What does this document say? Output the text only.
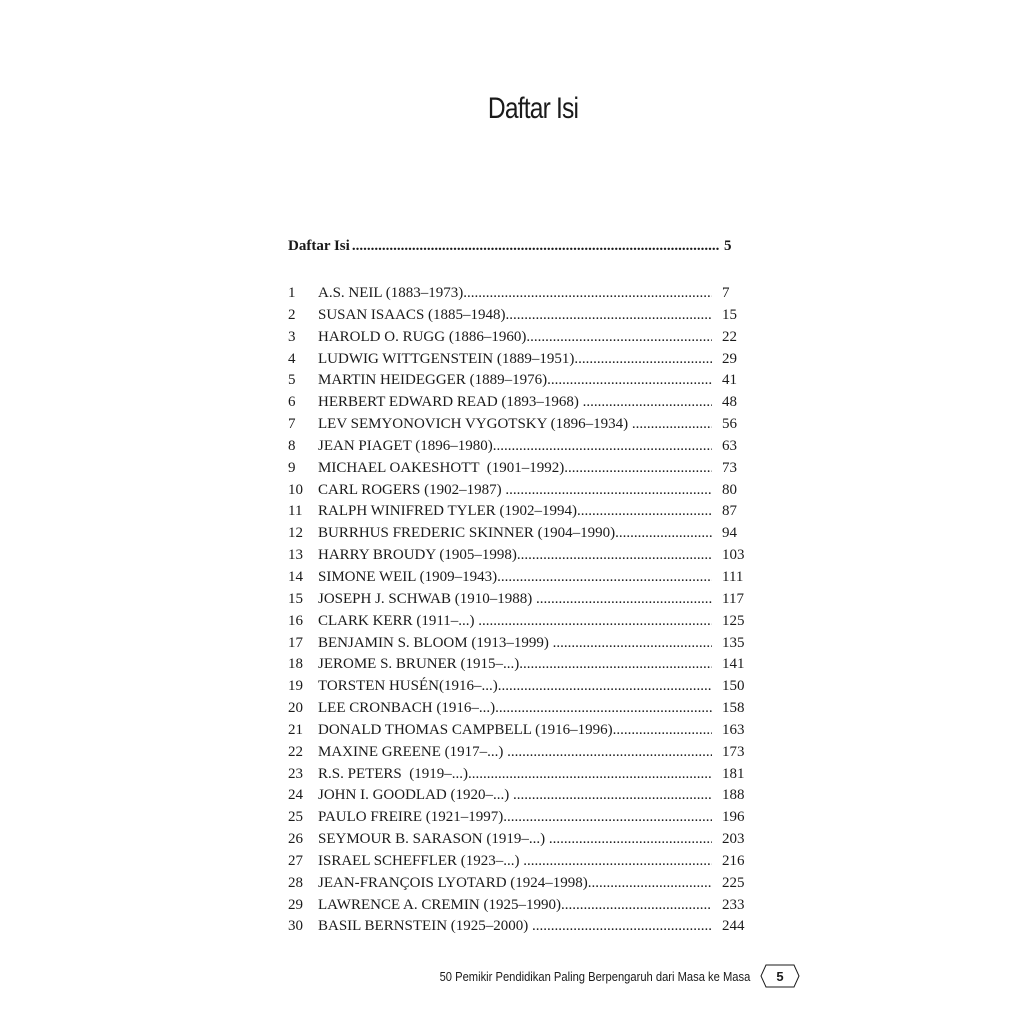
Daftar Isi
Daftar Isi .....	5
1	A.S. NEIL (1883–1973) .....	7
2	SUSAN ISAACS (1885–1948) .....	15
3	HAROLD O. RUGG (1886–1960) .....	22
4	LUDWIG WITTGENSTEIN (1889–1951) .....	29
5	MARTIN HEIDEGGER (1889–1976) .....	41
6	HERBERT EDWARD READ (1893–1968) .....	48
7	LEV SEMYONOVICH VYGOTSKY (1896–1934) .....	56
8	JEAN PIAGET (1896–1980) .....	63
9	MICHAEL OAKESHOTT  (1901–1992) .....	73
10	CARL ROGERS (1902–1987) .....	80
11	RALPH WINIFRED TYLER (1902–1994) .....	87
12	BURRHUS FREDERIC SKINNER (1904–1990) .....	94
13	HARRY BROUDY (1905–1998) .....	103
14	SIMONE WEIL (1909–1943) .....	111
15	JOSEPH J. SCHWAB (1910–1988) .....	117
16	CLARK KERR (1911–...) .....	125
17	BENJAMIN S. BLOOM (1913–1999) .....	135
18	JEROME S. BRUNER (1915–...) .....	141
19	TORSTEN HUSÉN(1916–...) .....	150
20	LEE CRONBACH (1916–...) .....	158
21	DONALD THOMAS CAMPBELL (1916–1996) .....	163
22	MAXINE GREENE (1917–...) .....	173
23	R.S. PETERS  (1919–...) .....	181
24	JOHN I. GOODLAD (1920–...) .....	188
25	PAULO FREIRE (1921–1997) .....	196
26	SEYMOUR B. SARASON (1919–...) .....	203
27	ISRAEL SCHEFFLER (1923–...) .....	216
28	JEAN-FRANÇOIS LYOTARD (1924–1998) .....	225
29	LAWRENCE A. CREMIN (1925–1990) .....	233
30	BASIL BERNSTEIN (1925–2000) .....	244
50 Pemikir Pendidikan Paling Berpengaruh dari Masa ke Masa 5
